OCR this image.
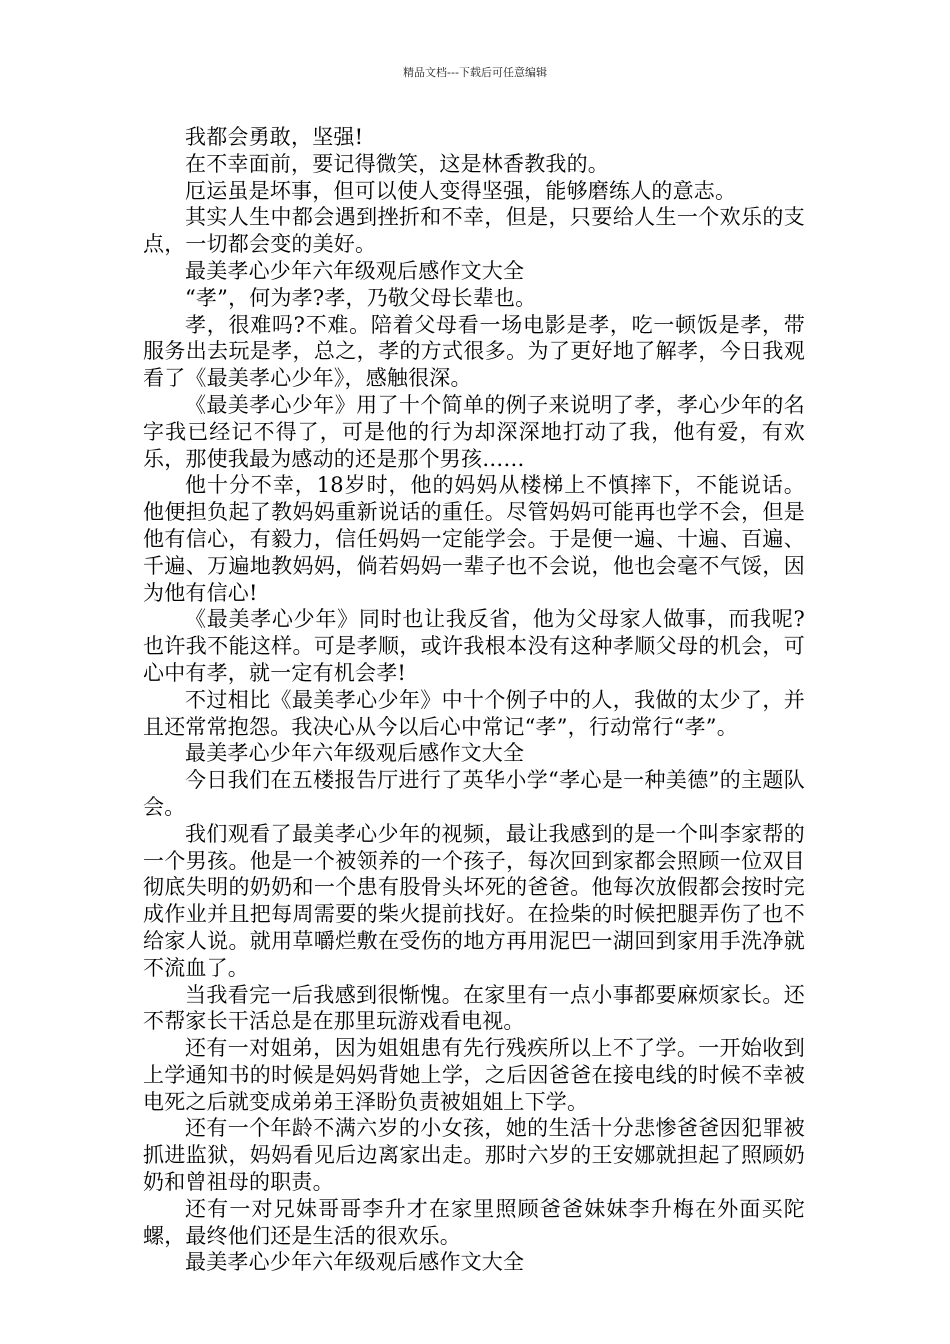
精品文档---下载后可任意编辑

我都会勇敢，坚强!

在不幸面前，要记得微笑，这是林香教我的。

厄运虽是坏事，但可以使人变得坚强，能够磨练人的意志。

其实人生中都会遇到挫折和不幸，但是，只要给人生一个欢乐的支点，一切都会变的美好。

最美孝心少年六年级观后感作文大全

“孝”，何为孝?孝，乃敬父母长辈也。

孝，很难吗?不难。陪着父母看一场电影是孝，吃一顿饭是孝，带服务出去玩是孝，总之，孝的方式很多。为了更好地了解孝，今日我观看了《最美孝心少年》，感触很深。

《最美孝心少年》用了十个简单的例子来说明了孝，孝心少年的名字我已经记不得了，可是他的行为却深深地打动了我，他有爱，有欢乐，那使我最为感动的还是那个男孩……

他十分不幸，18岁时，他的妈妈从楼梯上不慎摔下，不能说话。他便担负起了教妈妈重新说话的重任。尽管妈妈可能再也学不会，但是他有信心，有毅力，信任妈妈一定能学会。于是便一遍、十遍、百遍、千遍、万遍地教妈妈，倘若妈妈一辈子也不会说，他也会毫不气馁，因为他有信心!

《最美孝心少年》同时也让我反省，他为父母家人做事，而我呢?也许我不能这样。可是孝顺，或许我根本没有这种孝顺父母的机会，可心中有孝，就一定有机会孝!

不过相比《最美孝心少年》中十个例子中的人，我做的太少了，并且还常常抱怨。我决心从今以后心中常记“孝”，行动常行“孝”。

最美孝心少年六年级观后感作文大全

今日我们在五楼报告厅进行了英华小学“孝心是一种美德”的主题队会。

我们观看了最美孝心少年的视频，最让我感到的是一个叫李家帮的一个男孩。他是一个被领养的一个孩子，每次回到家都会照顾一位双目彻底失明的奶奶和一个患有股骨头坏死的爸爸。他每次放假都会按时完成作业并且把每周需要的柴火提前找好。在捡柴的时候把腿弄伤了也不给家人说。就用草嚼烂敷在受伤的地方再用泥巴一湖回到家用手洗净就不流血了。

当我看完一后我感到很惭愧。在家里有一点小事都要麻烦家长。还不帮家长干活总是在那里玩游戏看电视。

还有一对姐弟，因为姐姐患有先行残疾所以上不了学。一开始收到上学通知书的时候是妈妈背她上学，之后因爸爸在接电线的时候不幸被电死之后就变成弟弟王泽盼负责被姐姐上下学。

还有一个年龄不满六岁的小女孩，她的生活十分悲惨爸爸因犯罪被抓进监狱，妈妈看见后边离家出走。那时六岁的王安娜就担起了照顾奶奶和曾祖母的职责。

还有一对兄妹哥哥李升才在家里照顾爸爸妹妹李升梅在外面买陀螺，最终他们还是生活的很欢乐。

最美孝心少年六年级观后感作文大全
